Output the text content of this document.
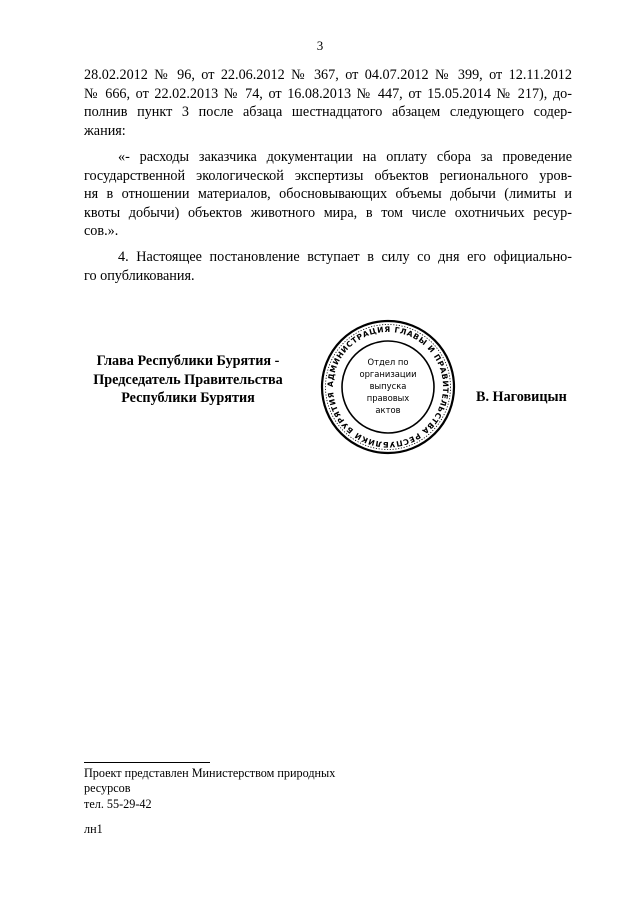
3
28.02.2012 № 96, от 22.06.2012 № 367, от 04.07.2012 № 399, от 12.11.2012
№ 666, от 22.02.2013 № 74, от 16.08.2013 № 447, от 15.05.2014 № 217), до-
полнив пункт 3 после абзаца шестнадцатого абзацем следующего содер-
жания:
«- расходы заказчика документации на оплату сбора за проведение
государственной экологической экспертизы объектов регионального уров-
ня в отношении материалов, обосновывающих объемы добычи (лимиты и
квоты добычи) объектов животного мира, в том числе охотничьих ресур-
сов.».
4. Настоящее постановление вступает в силу со дня его официально-
го опубликования.
Глава Республики Бурятия -
Председатель Правительства
Республики Бурятия
АДМИНИСТРАЦИЯ ГЛАВЫ И ПРАВИТЕЛЬСТВА РЕСПУБЛИКИ БУРЯТИЯ
Отдел по
организации
выпуска
правовых
актов
В. Наговицын
Проект представлен Министерством природных
ресурсов
тел. 55-29-42
лн1
